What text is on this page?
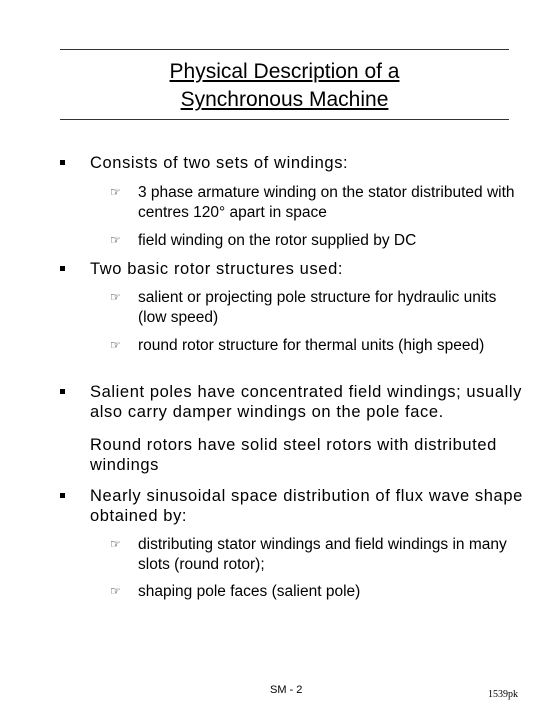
Physical Description of a
Synchronous Machine
Consists of two sets of windings:
☞ 3 phase armature winding on the stator distributed with centres 120° apart in space
☞ field winding on the rotor supplied by DC
Two basic rotor structures used:
☞ salient or projecting pole structure for hydraulic units (low speed)
☞ round rotor structure for thermal units (high speed)
Salient poles have concentrated field windings; usually also carry damper windings on the pole face.
Round rotors have solid steel rotors with distributed windings
Nearly sinusoidal space distribution of flux wave shape obtained by:
☞ distributing stator windings and field windings in many slots (round rotor);
☞ shaping pole faces (salient pole)
SM - 2	1539pk
